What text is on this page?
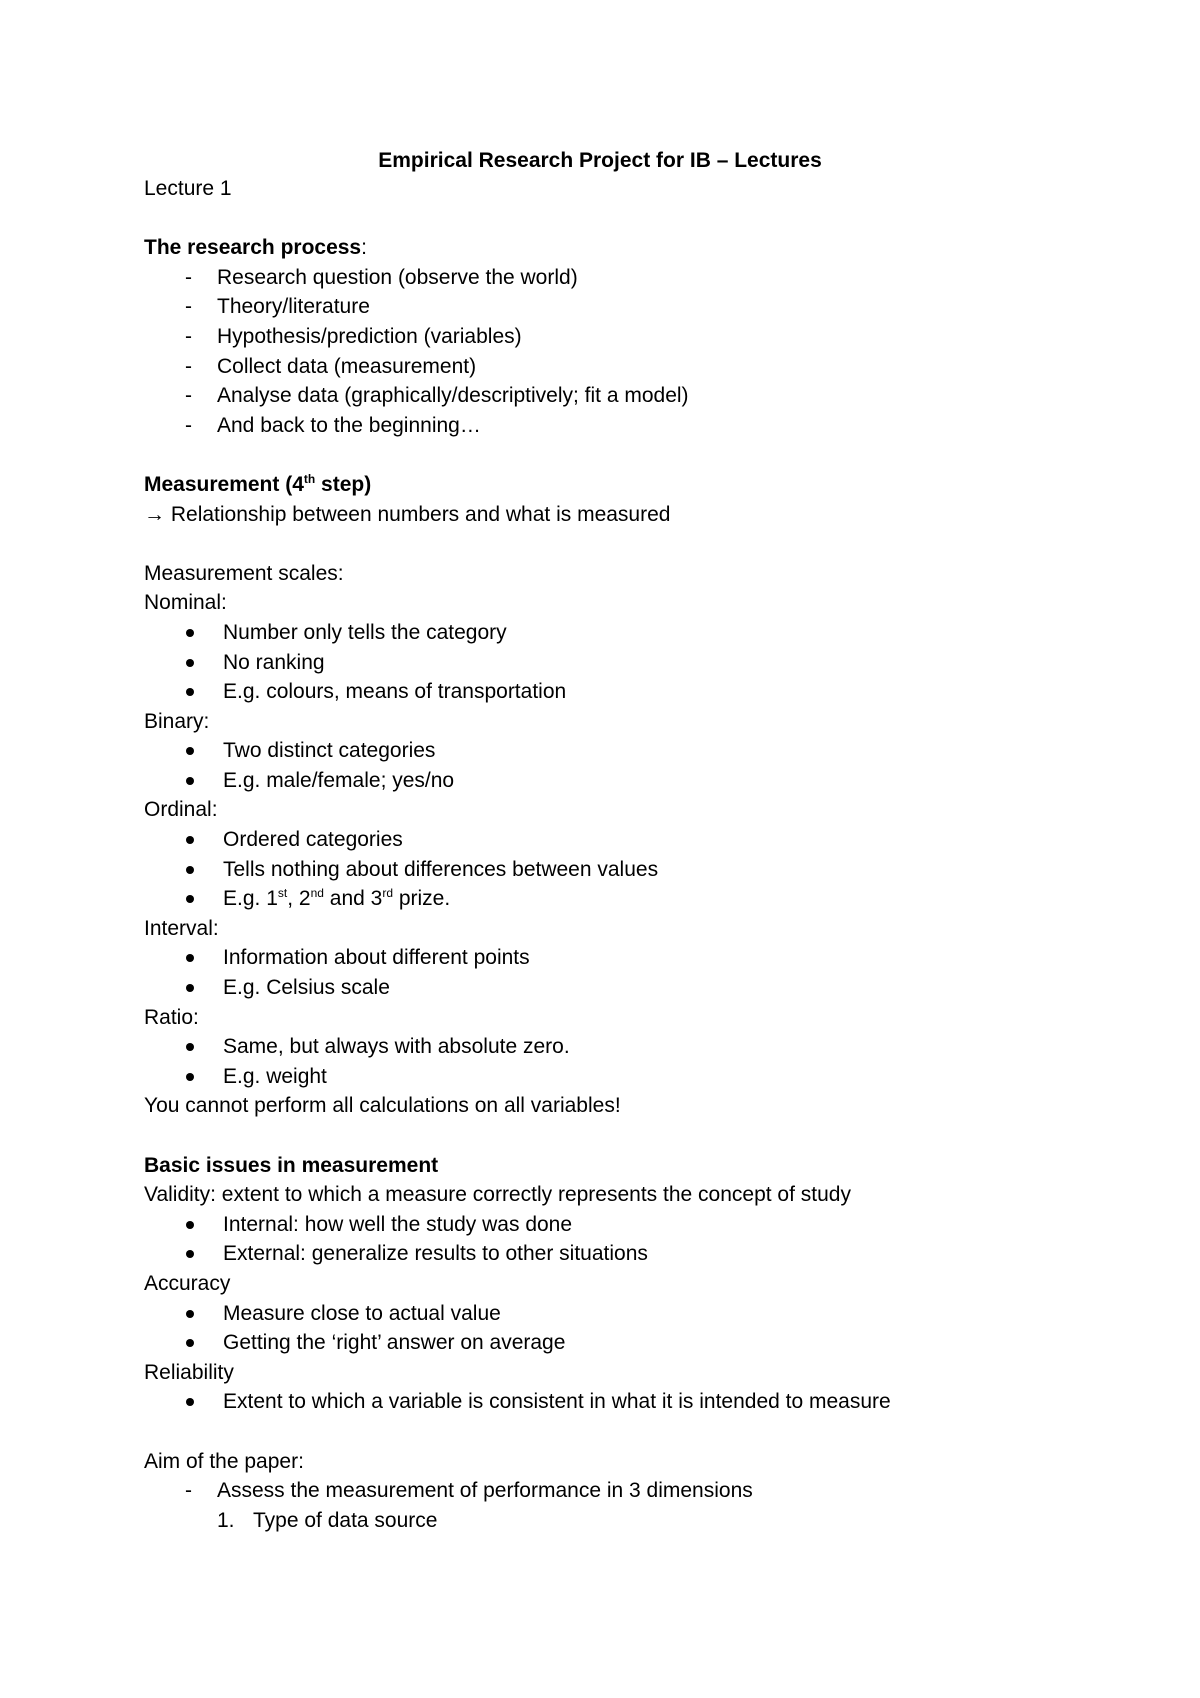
Empirical Research Project for IB – Lectures
Lecture 1
The research process:
- Research question (observe the world)
- Theory/literature
- Hypothesis/prediction (variables)
- Collect data (measurement)
- Analyse data (graphically/descriptively; fit a model)
- And back to the beginning…
Measurement (4th step)
→ Relationship between numbers and what is measured
Measurement scales:
Nominal:
Number only tells the category
No ranking
E.g. colours, means of transportation
Binary:
Two distinct categories
E.g. male/female; yes/no
Ordinal:
Ordered categories
Tells nothing about differences between values
E.g. 1st, 2nd and 3rd prize.
Interval:
Information about different points
E.g. Celsius scale
Ratio:
Same, but always with absolute zero.
E.g. weight
You cannot perform all calculations on all variables!
Basic issues in measurement
Validity: extent to which a measure correctly represents the concept of study
Internal: how well the study was done
External: generalize results to other situations
Accuracy
Measure close to actual value
Getting the ‘right’ answer on average
Reliability
Extent to which a variable is consistent in what it is intended to measure
Aim of the paper:
- Assess the measurement of performance in 3 dimensions
1. Type of data source
